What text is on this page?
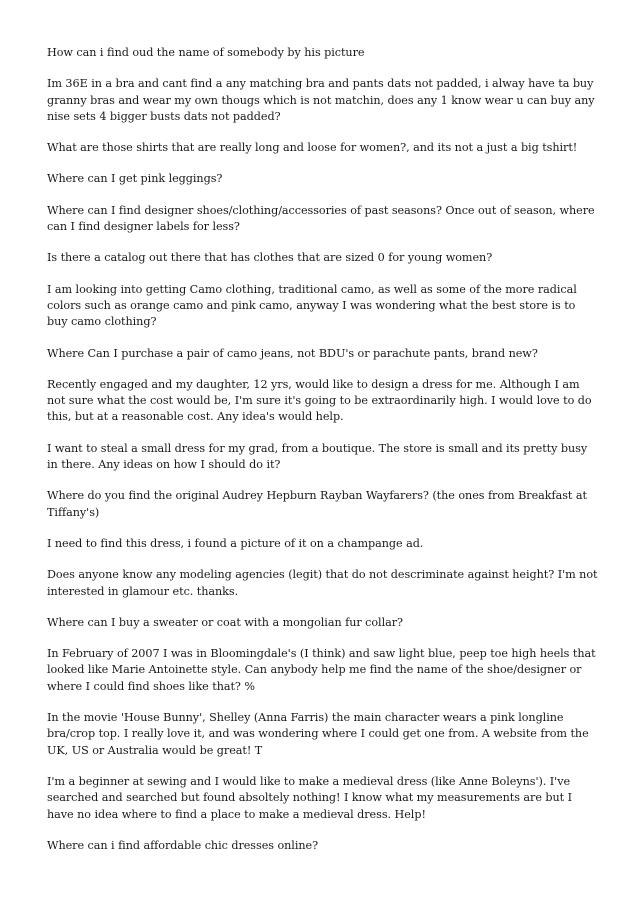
How can i find oud the name of somebody by his picture

Im 36E in a bra and cant find a any matching bra and pants dats not padded, i alway have ta buy granny bras and wear my own thougs which is not matchin, does any 1 know wear u can buy any nise sets 4 bigger busts dats not padded?

What are those shirts that are really long and loose for women?, and its not a just a big tshirt!

Where can I get pink leggings?

Where can I find designer shoes/clothing/accessories of past seasons? Once out of season, where can I find designer labels for less?

Is there a catalog out there that has clothes that are sized 0 for young women?

I am looking into getting Camo clothing, traditional camo, as well as some of the more radical colors such as orange camo and pink camo, anyway I was wondering what the best store is to buy camo clothing?

Where Can I purchase a pair of camo jeans, not BDU's or parachute pants, brand new?

Recently engaged and my daughter, 12 yrs, would like to design a dress for me. Although I am not sure what the cost would be, I'm sure it's going to be extraordinarily high. I would love to do this, but at a reasonable cost. Any idea's would help.

I want to steal a small dress for my grad, from a boutique. The store is small and its pretty busy in there. Any ideas on how I should do it?

Where do you find the original Audrey Hepburn Rayban Wayfarers? (the ones from Breakfast at Tiffany's)

I need to find this dress, i found a picture of it on a champange ad.

Does anyone know any modeling agencies (legit) that do not descriminate against height? I'm not interested in glamour etc. thanks.

Where can I buy a sweater or coat with a mongolian fur collar?

In February of 2007 I was in Bloomingdale's (I think) and saw light blue, peep toe high heels that looked like Marie Antoinette style. Can anybody help me find the name of the shoe/designer or where I could find shoes like that? %

In the movie 'House Bunny', Shelley (Anna Farris) the main character wears a pink longline bra/crop top. I really love it, and was wondering where I could get one from. A website from the UK, US or Australia would be great! T

I'm a beginner at sewing and I would like to make a medieval dress (like Anne Boleyns'). I've searched and searched but found absoltely nothing! I know what my measurements are but I have no idea where to find a place to make a medieval dress. Help!

Where can i find affordable chic dresses online?
